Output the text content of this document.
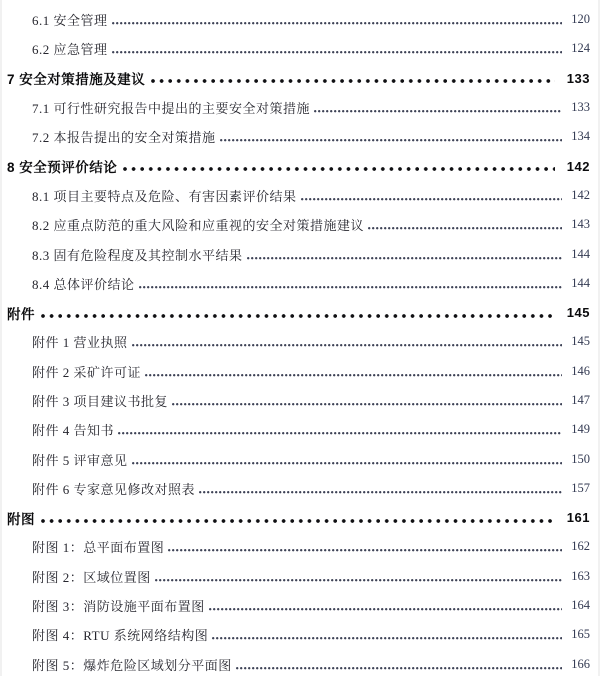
6.1 安全管理	120
6.2 应急管理	124
7 安全对策措施及建议	133
7.1 可行性研究报告中提出的主要安全对策措施	133
7.2 本报告提出的安全对策措施	134
8 安全预评价结论	142
8.1 项目主要特点及危险、有害因素评价结果	142
8.2 应重点防范的重大风险和应重视的安全对策措施建议	143
8.3 固有危险程度及其控制水平结果	144
8.4 总体评价结论	144
附件	145
附件 1 营业执照	145
附件 2 采矿许可证	146
附件 3 项目建议书批复	147
附件 4 告知书	149
附件 5 评审意见	150
附件 6 专家意见修改对照表	157
附图	161
附图 1：总平面布置图	162
附图 2：区域位置图	163
附图 3：消防设施平面布置图	164
附图 4：RTU 系统网络结构图	165
附图 5：爆炸危险区域划分平面图	166
